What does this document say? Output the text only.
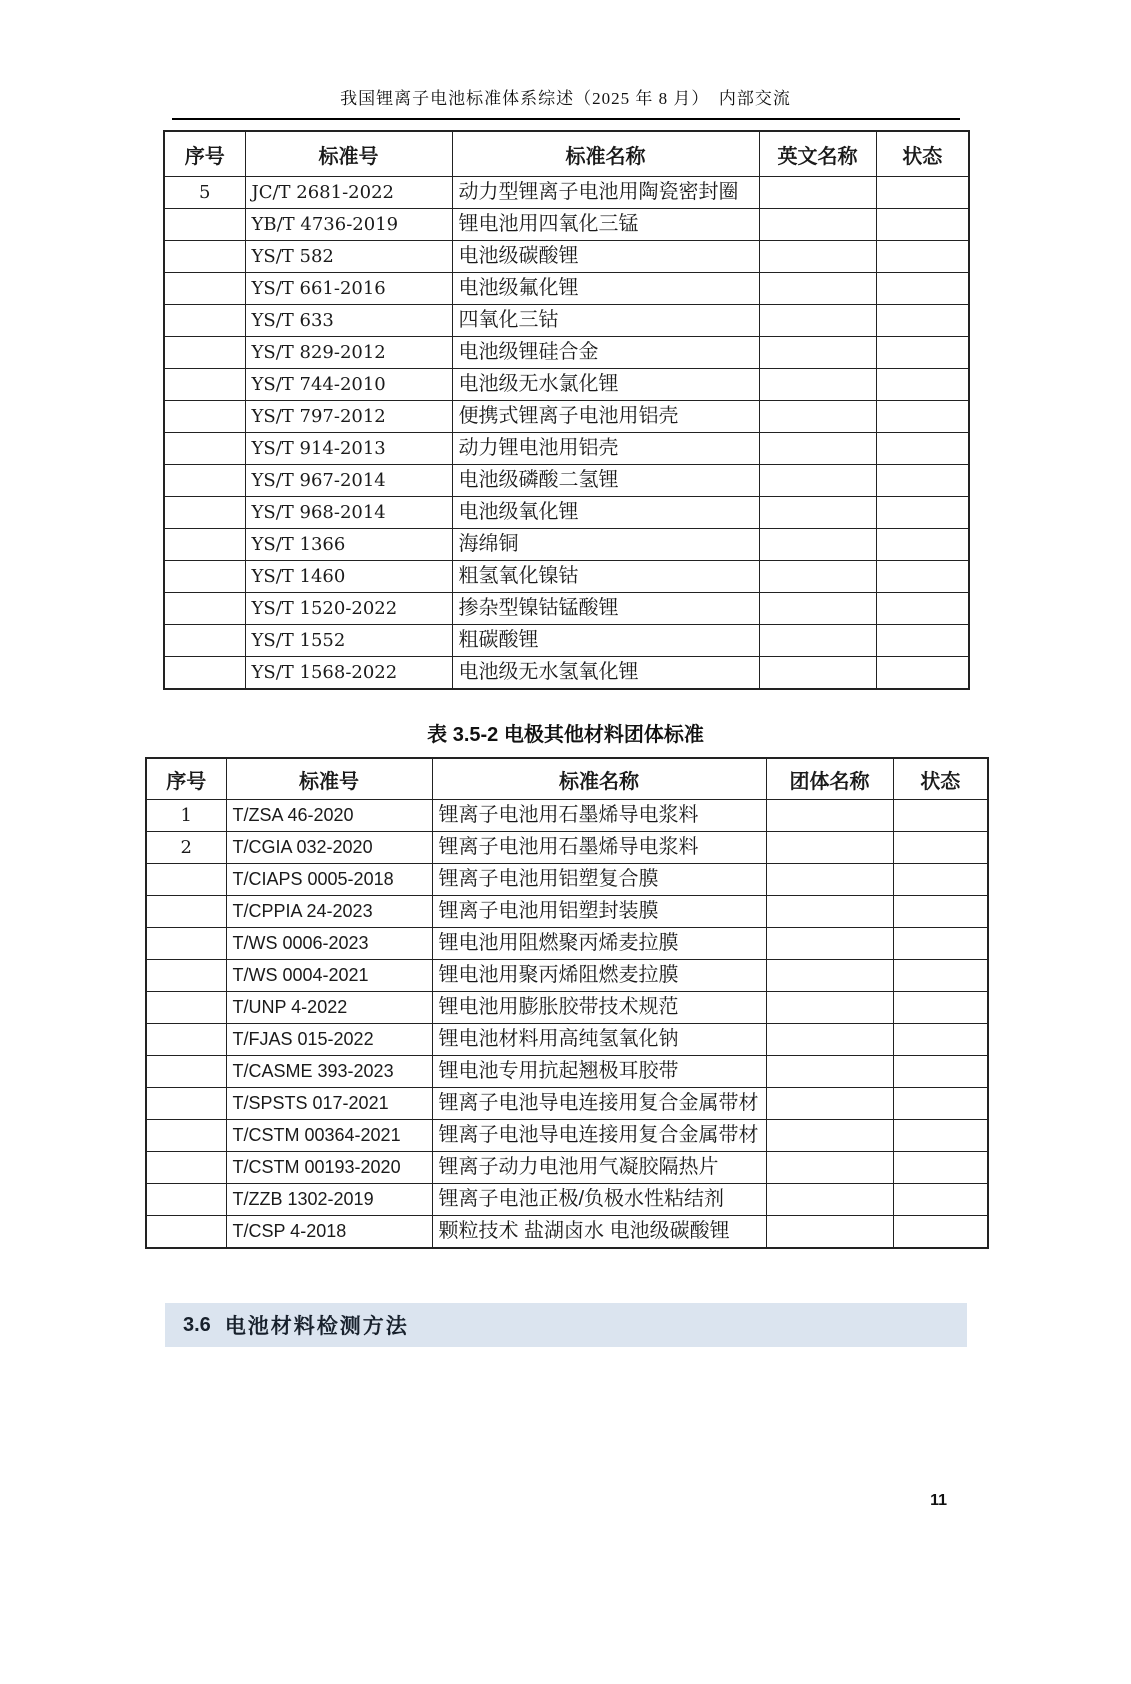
我国锂离子电池标准体系综述（2025 年 8 月）　内部交流
序号	标准号	标准名称	英文名称	状态
5	JC/T 2681-2022	动力型锂离子电池用陶瓷密封圈		
	YB/T 4736-2019	锂电池用四氧化三锰		
	YS/T 582	电池级碳酸锂		
	YS/T 661-2016	电池级氟化锂		
	YS/T 633	四氧化三钴		
	YS/T 829-2012	电池级锂硅合金		
	YS/T 744-2010	电池级无水氯化锂		
	YS/T 797-2012	便携式锂离子电池用铝壳		
	YS/T 914-2013	动力锂电池用铝壳		
	YS/T 967-2014	电池级磷酸二氢锂		
	YS/T 968-2014	电池级氧化锂		
	YS/T 1366	海绵铜		
	YS/T 1460	粗氢氧化镍钴		
	YS/T 1520-2022	掺杂型镍钴锰酸锂		
	YS/T 1552	粗碳酸锂		
	YS/T 1568-2022	电池级无水氢氧化锂		
表 3.5-2 电极其他材料团体标准
序号	标准号	标准名称	团体名称	状态
1	T/ZSA 46-2020	锂离子电池用石墨烯导电浆料		
2	T/CGIA 032-2020	锂离子电池用石墨烯导电浆料		
	T/CIAPS 0005-2018	锂离子电池用铝塑复合膜		
	T/CPPIA 24-2023	锂离子电池用铝塑封装膜		
	T/WS 0006-2023	锂电池用阻燃聚丙烯麦拉膜		
	T/WS 0004-2021	锂电池用聚丙烯阻燃麦拉膜		
	T/UNP 4-2022	锂电池用膨胀胶带技术规范		
	T/FJAS 015-2022	锂电池材料用高纯氢氧化钠		
	T/CASME 393-2023	锂电池专用抗起翘极耳胶带		
	T/SPSTS 017-2021	锂离子电池导电连接用复合金属带材		
	T/CSTM 00364-2021	锂离子电池导电连接用复合金属带材		
	T/CSTM 00193-2020	锂离子动力电池用气凝胶隔热片		
	T/ZZB 1302-2019	锂离子电池正极/负极水性粘结剂		
	T/CSP 4-2018	颗粒技术 盐湖卤水 电池级碳酸锂		
3.6 电池材料检测方法
11
